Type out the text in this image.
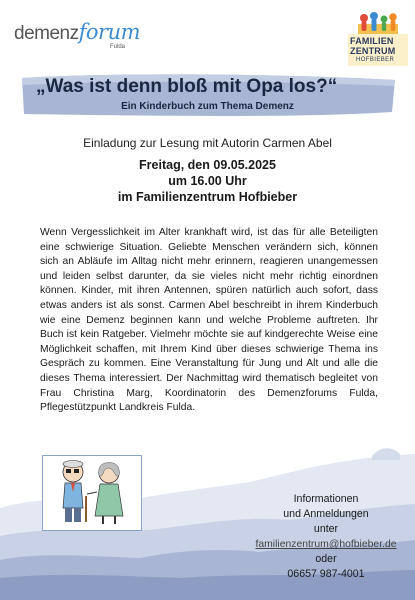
demenz forum
Fulda
FAMILIEN
ZENTRUM
HOFBIEBER
„Was ist denn bloß mit Opa los?“
Ein Kinderbuch zum Thema Demenz
Einladung zur Lesung mit Autorin Carmen Abel
Freitag, den 09.05.2025
um 16.00 Uhr
im Familienzentrum Hofbieber
Wenn Vergesslichkeit im Alter krankhaft wird, ist das für alle Beteiligten eine schwierige Situation. Geliebte Menschen verändern sich, können sich an Abläufe im Alltag nicht mehr erinnern, reagieren unangemessen und leiden selbst darunter, da sie vieles nicht mehr richtig einordnen können. Kinder, mit ihren Antennen, spüren natürlich auch sofort, dass etwas anders ist als sonst. Carmen Abel beschreibt in ihrem Kinderbuch wie eine Demenz beginnen kann und welche Probleme auftreten. Ihr Buch ist kein Ratgeber. Vielmehr möchte sie auf kindgerechte Weise eine Möglichkeit schaffen, mit Ihrem Kind über dieses schwierige Thema ins Gespräch zu kommen. Eine Veranstaltung für Jung und Alt und alle die dieses Thema interessiert. Der Nachmittag wird thematisch begleitet von Frau Christina Marg, Koordinatorin des Demenzforums Fulda, Pflegestützpunkt Landkreis Fulda.
Informationen
und Anmeldungen
unter
familienzentrum@hofbieber.de
oder
06657 987-4001
